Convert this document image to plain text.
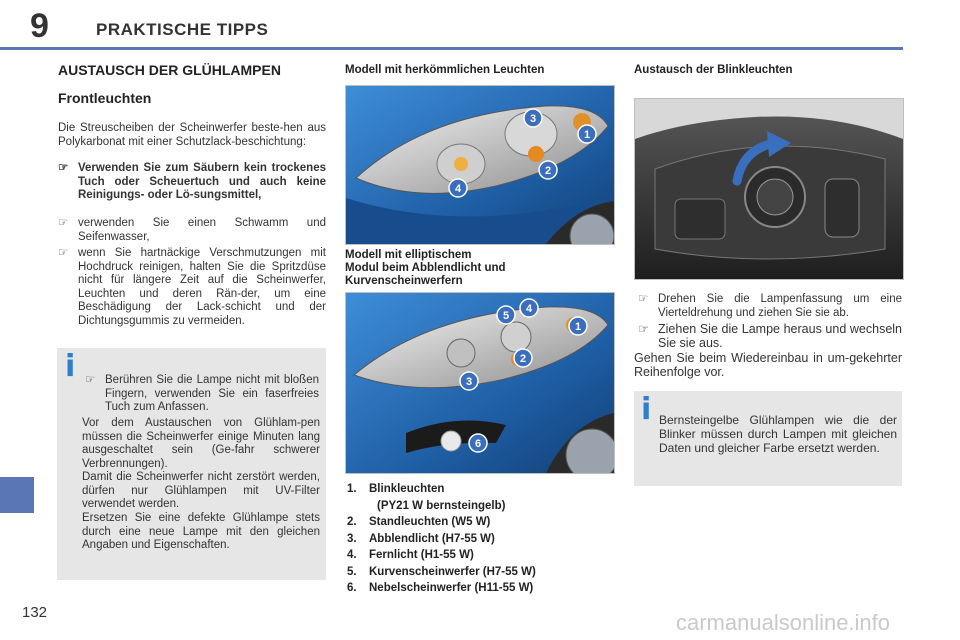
9	PRAKTISCHE TIPPS
132
AUSTAUSCH DER GLÜHLAMPEN
Frontleuchten
Die Streuscheiben der Scheinwerfer beste-hen aus Polykarbonat mit einer Schutzlack-beschichtung:
☞ Verwenden Sie zum Säubern kein trockenes Tuch oder Scheuertuch und auch keine Reinigungs- oder Lö-sungsmittel,
☞ verwenden Sie einen Schwamm und Seifenwasser,
☞ wenn Sie hartnäckige Verschmutzungen mit Hochdruck reinigen, halten Sie die Spritzdüse nicht für längere Zeit auf die Scheinwerfer, Leuchten und deren Rän-der, um eine Beschädigung der Lack-schicht und der Dichtungsgummis zu vermeiden.
i ☞ Berühren Sie die Lampe nicht mit bloßen Fingern, verwenden Sie ein faserfreies Tuch zum Anfassen.
Vor dem Austauschen von Glühlam-pen müssen die Scheinwerfer einige Minuten lang ausgeschaltet sein (Ge-fahr schwerer Verbrennungen).
Damit die Scheinwerfer nicht zerstört werden, dürfen nur Glühlampen mit UV-Filter verwendet werden.
Ersetzen Sie eine defekte Glühlampe stets durch eine neue Lampe mit den gleichen Angaben und Eigenschaften.
Modell mit herkömmlichen Leuchten
1
2
3
4
Modell mit elliptischem
Modul beim Abblendlicht und
Kurvenscheinwerfern
1
2
3
4
5
6
1. Blinkleuchten
(PY21 W bernsteingelb)
2. Standleuchten (W5 W)
3. Abblendlicht (H7-55 W)
4. Fernlicht (H1-55 W)
5. Kurvenscheinwerfer (H7-55 W)
6. Nebelscheinwerfer (H11-55 W)
Austausch der Blinkleuchten
☞ Drehen Sie die Lampenfassung um eine Vierteldrehung und ziehen Sie sie ab.
☞ Ziehen Sie die Lampe heraus und wechseln Sie sie aus.
Gehen Sie beim Wiedereinbau in um-gekehrter Reihenfolge vor.
i Bernsteingelbe Glühlampen wie die der Blinker müssen durch Lampen mit gleichen Daten und gleicher Farbe ersetzt werden.
carmanualsonline.info
